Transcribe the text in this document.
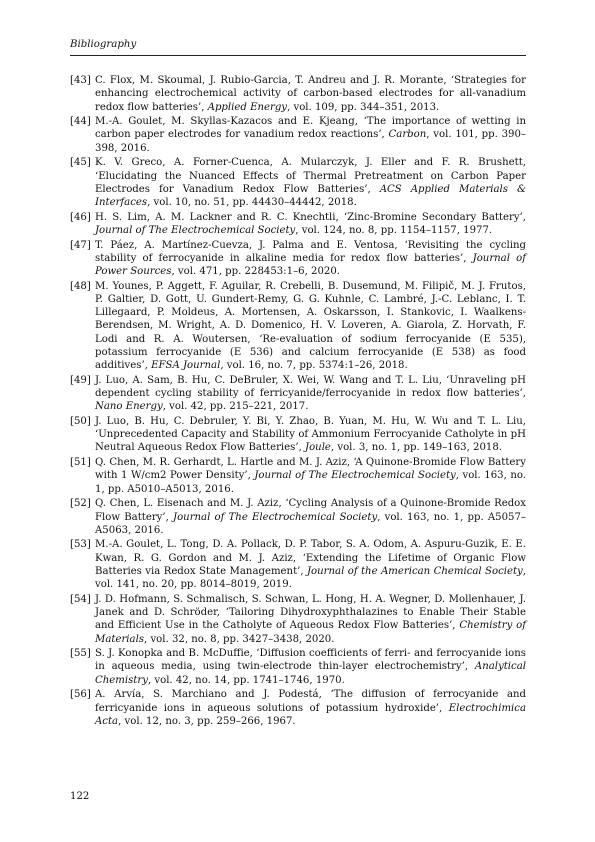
Bibliography
[43] C. Flox, M. Skoumal, J. Rubio-Garcia, T. Andreu and J. R. Morante, ‘Strategies for enhancing electrochemical activity of carbon-based electrodes for all-vanadium redox flow batteries’, Applied Energy, vol. 109, pp. 344–351, 2013.
[44] M.-A. Goulet, M. Skyllas-Kazacos and E. Kjeang, ‘The importance of wetting in carbon paper electrodes for vanadium redox reactions’, Carbon, vol. 101, pp. 390–398, 2016.
[45] K. V. Greco, A. Forner-Cuenca, A. Mularczyk, J. Eller and F. R. Brushett, ‘Elucidating the Nuanced Effects of Thermal Pretreatment on Carbon Paper Electrodes for Vanadium Redox Flow Batteries’, ACS Applied Materials & Interfaces, vol. 10, no. 51, pp. 44430–44442, 2018.
[46] H. S. Lim, A. M. Lackner and R. C. Knechtli, ‘Zinc-Bromine Secondary Battery’, Journal of The Electrochemical Society, vol. 124, no. 8, pp. 1154–1157, 1977.
[47] T. Páez, A. Martínez-Cuevza, J. Palma and E. Ventosa, ‘Revisiting the cycling stability of ferrocyanide in alkaline media for redox flow batteries’, Journal of Power Sources, vol. 471, pp. 228453:1–6, 2020.
[48] M. Younes, P. Aggett, F. Aguilar, R. Crebelli, B. Dusemund, M. Filipič, M. J. Frutos, P. Galtier, D. Gott, U. Gundert-Remy, G. G. Kuhnle, C. Lambré, J.-C. Leblanc, I. T. Lillegaard, P. Moldeus, A. Mortensen, A. Oskarsson, I. Stankovic, I. Waalkens-Berendsen, M. Wright, A. D. Domenico, H. V. Loveren, A. Giarola, Z. Horvath, F. Lodi and R. A. Woutersen, ‘Re-evaluation of sodium ferrocyanide (E 535), potassium ferrocyanide (E 536) and calcium ferrocyanide (E 538) as food additives’, EFSA Journal, vol. 16, no. 7, pp. 5374:1–26, 2018.
[49] J. Luo, A. Sam, B. Hu, C. DeBruler, X. Wei, W. Wang and T. L. Liu, ‘Unraveling pH dependent cycling stability of ferricyanide/ferrocyanide in redox flow batteries’, Nano Energy, vol. 42, pp. 215–221, 2017.
[50] J. Luo, B. Hu, C. Debruler, Y. Bi, Y. Zhao, B. Yuan, M. Hu, W. Wu and T. L. Liu, ‘Unprecedented Capacity and Stability of Ammonium Ferrocyanide Catholyte in pH Neutral Aqueous Redox Flow Batteries’, Joule, vol. 3, no. 1, pp. 149–163, 2018.
[51] Q. Chen, M. R. Gerhardt, L. Hartle and M. J. Aziz, ‘A Quinone-Bromide Flow Battery with 1 W/cm2 Power Density’, Journal of The Electrochemical Society, vol. 163, no. 1, pp. A5010–A5013, 2016.
[52] Q. Chen, L. Eisenach and M. J. Aziz, ‘Cycling Analysis of a Quinone-Bromide Redox Flow Battery’, Journal of The Electrochemical Society, vol. 163, no. 1, pp. A5057–A5063, 2016.
[53] M.-A. Goulet, L. Tong, D. A. Pollack, D. P. Tabor, S. A. Odom, A. Aspuru-Guzik, E. E. Kwan, R. G. Gordon and M. J. Aziz, ‘Extending the Lifetime of Organic Flow Batteries via Redox State Management’, Journal of the American Chemical Society, vol. 141, no. 20, pp. 8014–8019, 2019.
[54] J. D. Hofmann, S. Schmalisch, S. Schwan, L. Hong, H. A. Wegner, D. Mollenhauer, J. Janek and D. Schröder, ‘Tailoring Dihydroxyphthalazines to Enable Their Stable and Efficient Use in the Catholyte of Aqueous Redox Flow Batteries’, Chemistry of Materials, vol. 32, no. 8, pp. 3427–3438, 2020.
[55] S. J. Konopka and B. McDuffie, ‘Diffusion coefficients of ferri- and ferrocyanide ions in aqueous media, using twin-electrode thin-layer electrochemistry’, Analytical Chemistry, vol. 42, no. 14, pp. 1741–1746, 1970.
[56] A. Arvía, S. Marchiano and J. Podestá, ‘The diffusion of ferrocyanide and ferricyanide ions in aqueous solutions of potassium hydroxide’, Electrochimica Acta, vol. 12, no. 3, pp. 259–266, 1967.
122
